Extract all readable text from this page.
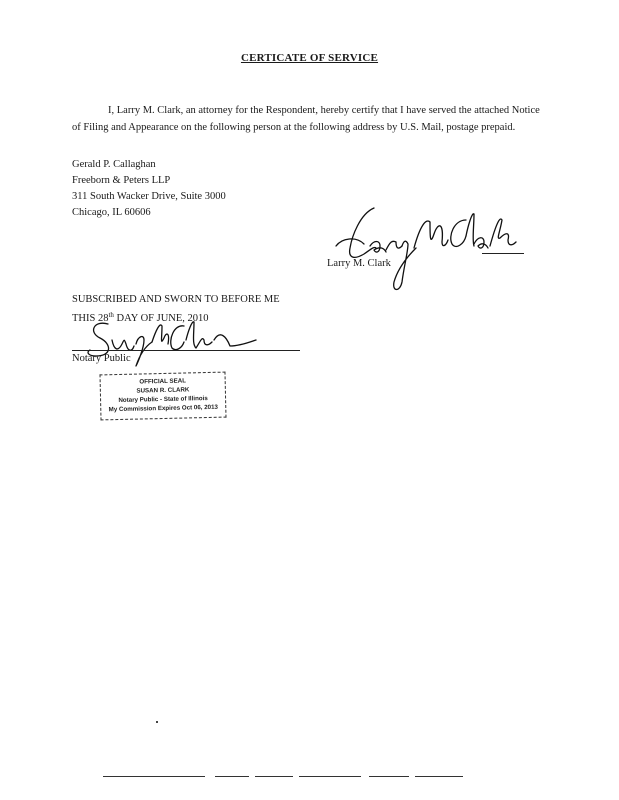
CERTICATE OF SERVICE
I, Larry M. Clark, an attorney for the Respondent, hereby certify that I have served the attached Notice of Filing and Appearance on the following person at the following address by U.S. Mail, postage prepaid.
Gerald P. Callaghan
Freeborn & Peters LLP
311 South Wacker Drive, Suite 3000
Chicago, IL 60606
Larry M. Clark
SUBSCRIBED AND SWORN TO BEFORE ME
THIS 28th DAY OF JUNE, 2010
Notary Public
OFFICIAL SEAL
SUSAN R. CLARK
Notary Public - State of Illinois
My Commission Expires Oct 06, 2013
